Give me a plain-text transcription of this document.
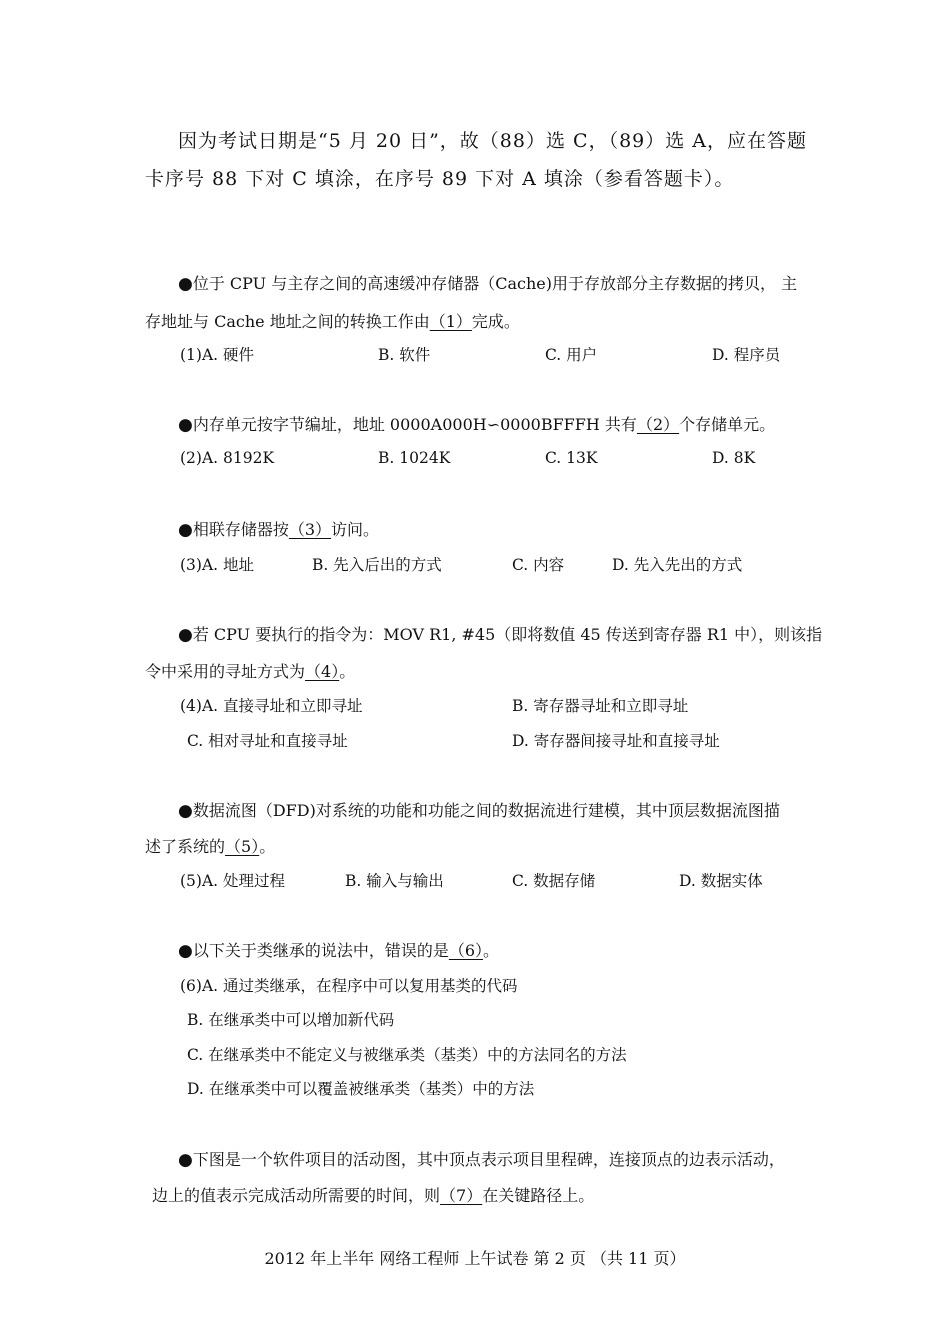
因为考试日期是“5 月 20 日”，故（88）选 C，（89）选 A，应在答题
卡序号 88 下对 C 填涂，在序号 89 下对 A 填涂（参看答题卡）。
●位于 CPU 与主存之间的高速缓冲存储器（Cache)用于存放部分主存数据的拷贝， 主
存地址与 Cache 地址之间的转换工作由（1）完成。
(1)A. 硬件	B. 软件	C. 用户	D. 程序员
●内存单元按字节编址，地址 0000A000H∽0000BFFFH 共有（2）个存储单元。
(2)A. 8192K	B. 1024K	C. 13K	D. 8K
●相联存储器按（3）访问。
(3)A. 地址	B. 先入后出的方式	C. 内容	D. 先入先出的方式
●若 CPU 要执行的指令为：MOV R1, #45（即将数值 45 传送到寄存器 R1 中），则该指
令中采用的寻址方式为（4）。
(4)A. 直接寻址和立即寻址	B. 寄存器寻址和立即寻址
C. 相对寻址和直接寻址	D. 寄存器间接寻址和直接寻址
●数据流图（DFD)对系统的功能和功能之间的数据流进行建模，其中顶层数据流图描
述了系统的（5）。
(5)A. 处理过程	B. 输入与输出	C. 数据存储	D. 数据实体
●以下关于类继承的说法中，错误的是（6）。
(6)A. 通过类继承，在程序中可以复用基类的代码
B. 在继承类中可以增加新代码
C. 在继承类中不能定义与被继承类（基类）中的方法同名的方法
D. 在继承类中可以覆盖被继承类（基类）中的方法
●下图是一个软件项目的活动图，其中顶点表示项目里程碑，连接顶点的边表示活动，
边上的值表示完成活动所需要的时间，则（7）在关键路径上。
2012 年上半年 网络工程师 上午试卷 第 2 页 （共 11 页）
